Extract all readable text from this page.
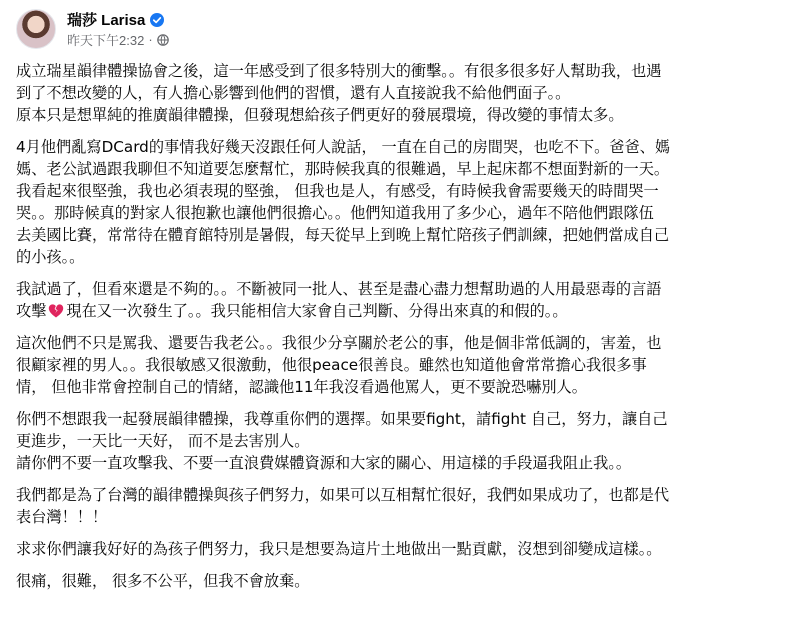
瑞莎 Larisa
昨天下午2:32 ·

成立瑞星韻律體操協會之後，這一年感受到了很多特別大的衝擊。。有很多很多好人幫助我，也遇
到了不想改變的人，有人擔心影響到他們的習慣，還有人直接說我不給他們面子。。
原本只是想單純的推廣韻律體操，但發現想給孩子們更好的發展環境，得改變的事情太多。

4月他們亂寫DCard的事情我好幾天沒跟任何人說話， 一直在自己的房間哭，也吃不下。爸爸、媽
媽、老公試過跟我聊但不知道要怎麼幫忙，那時候我真的很難過，早上起床都不想面對新的一天。
我看起來很堅強，我也必須表現的堅強， 但我也是人，有感受，有時候我會需要幾天的時間哭一
哭。。那時候真的對家人很抱歉也讓他們很擔心。。他們知道我用了多少心，過年不陪他們跟隊伍
去美國比賽，常常待在體育館特別是暑假，每天從早上到晚上幫忙陪孩子們訓練，把她們當成自己
的小孩。。

我試過了，但看來還是不夠的。。不斷被同一批人、甚至是盡心盡力想幫助過的人用最惡毒的言語
攻擊 現在又一次發生了。。我只能相信大家會自己判斷、分得出來真的和假的。。

這次他們不只是罵我、還要告我老公。。我很少分享關於老公的事，他是個非常低調的，害羞，也
很顧家裡的男人。。我很敏感又很激動，他很peace很善良。雖然也知道他會常常擔心我很多事
情， 但他非常會控制自己的情緒，認識他11年我沒看過他罵人，更不要說恐嚇別人。

你們不想跟我一起發展韻律體操，我尊重你們的選擇。如果要fight，請fight 自己，努力，讓自己
更進步，一天比一天好， 而不是去害別人。
請你們不要一直攻擊我、不要一直浪費媒體資源和大家的關心、用這樣的手段逼我阻止我。。

我們都是為了台灣的韻律體操與孩子們努力，如果可以互相幫忙很好，我們如果成功了，也都是代
表台灣！！！

求求你們讓我好好的為孩子們努力，我只是想要為這片土地做出一點貢獻，沒想到卻變成這樣。。

很痛，很難， 很多不公平，但我不會放棄。
